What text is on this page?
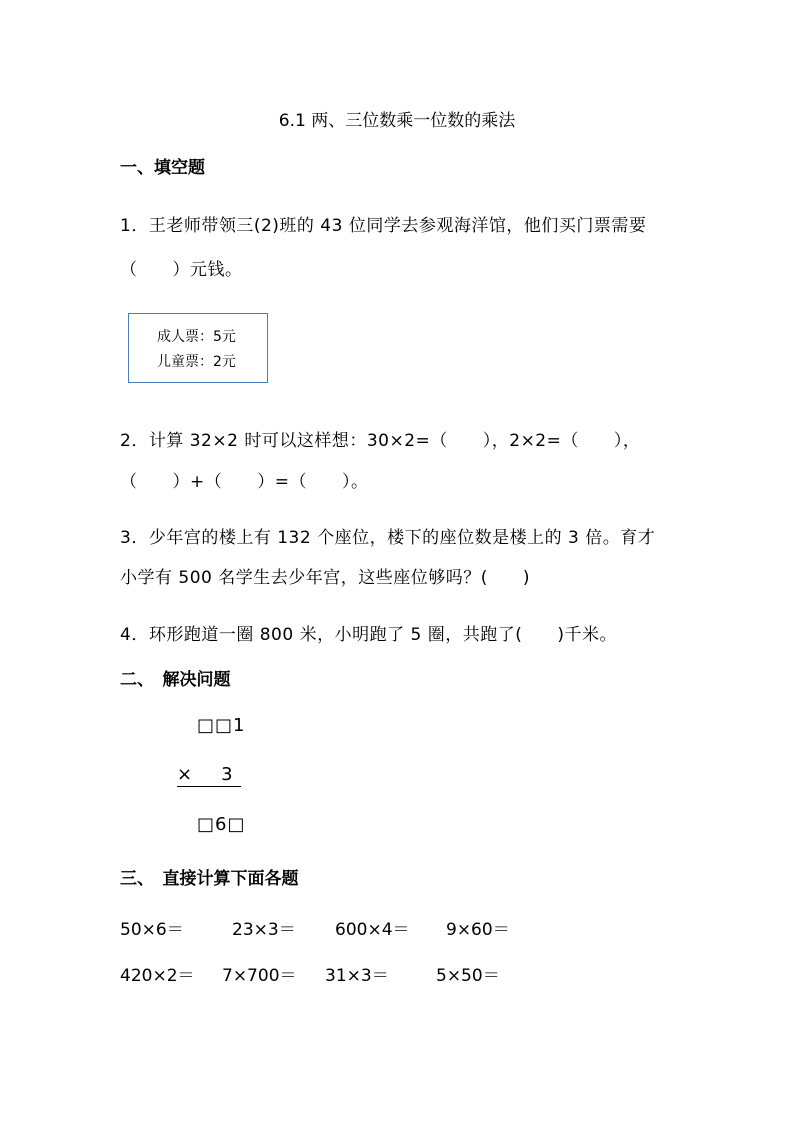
6.1 两、三位数乘一位数的乘法
一、填空题
1．王老师带领三(2)班的 43 位同学去参观海洋馆，他们买门票需要
（　　）元钱。
成人票：5元
儿童票：2元
2．计算 32×2 时可以这样想：30×2=（　　），2×2=（　　），
（　　）+（　　）=（　　）。
3．少年宫的楼上有 132 个座位，楼下的座位数是楼上的 3 倍。育才
小学有 500 名学生去少年宫，这些座位够吗？(　　)
4．环形跑道一圈 800 米，小明跑了 5 圈，共跑了(　　)千米。
二、　解决问题
□□1
× 3
□6□
三、　直接计算下面各题
50×6＝	23×3＝ 600×4＝ 9×60＝
420×2＝ 7×700＝ 31×3＝	5×50＝
